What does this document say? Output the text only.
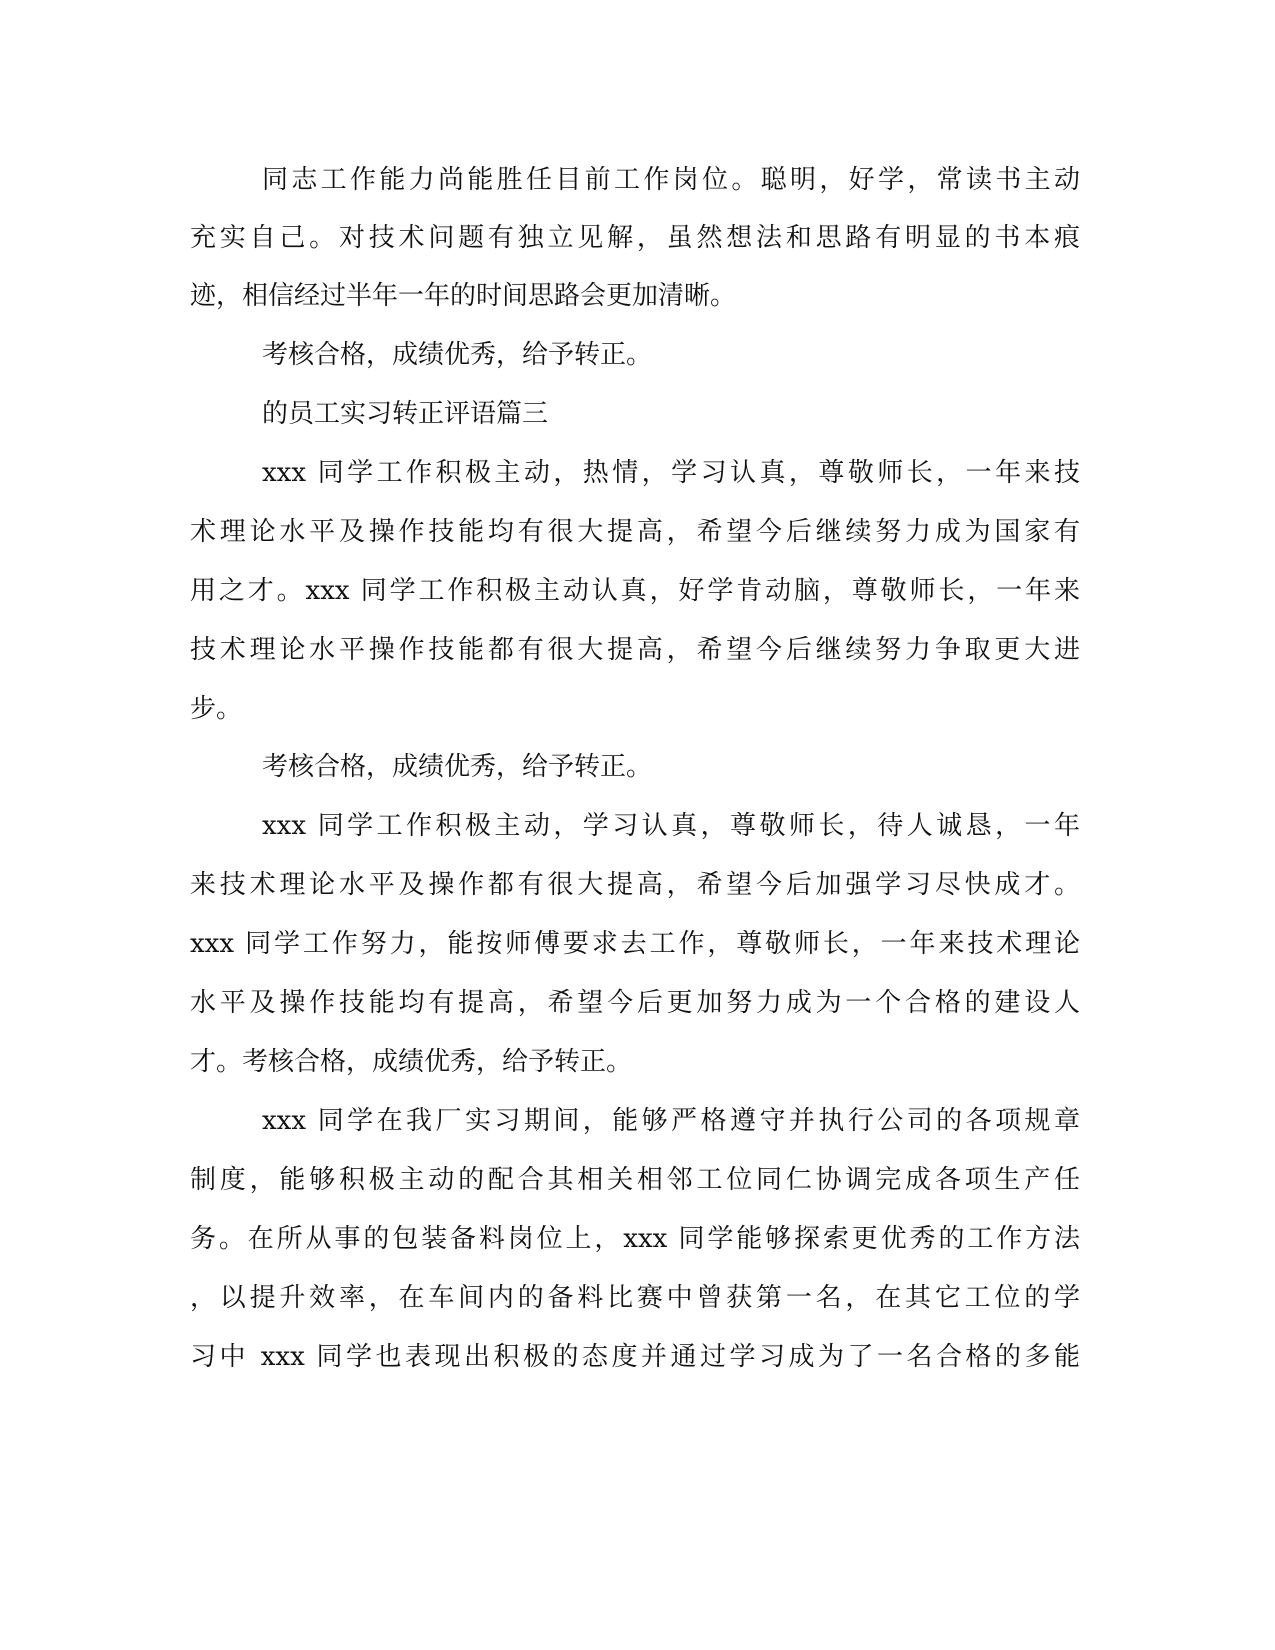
同志工作能力尚能胜任目前工作岗位。聪明，好学，常读书主动

充实自己。对技术问题有独立见解，虽然想法和思路有明显的书本痕

迹，相信经过半年一年的时间思路会更加清晰。

考核合格，成绩优秀，给予转正。

的员工实习转正评语篇三

xxx 同学工作积极主动，热情，学习认真，尊敬师长，一年来技

术理论水平及操作技能均有很大提高，希望今后继续努力成为国家有

用之才。xxx 同学工作积极主动认真，好学肯动脑，尊敬师长，一年来

技术理论水平操作技能都有很大提高，希望今后继续努力争取更大进

步。

考核合格，成绩优秀，给予转正。

xxx 同学工作积极主动，学习认真，尊敬师长，待人诚恳，一年

来技术理论水平及操作都有很大提高，希望今后加强学习尽快成才。

xxx 同学工作努力，能按师傅要求去工作，尊敬师长，一年来技术理论

水平及操作技能均有提高，希望今后更加努力成为一个合格的建设人

才。考核合格，成绩优秀，给予转正。

xxx 同学在我厂实习期间，能够严格遵守并执行公司的各项规章

制度，能够积极主动的配合其相关相邻工位同仁协调完成各项生产任

务。在所从事的包装备料岗位上，xxx 同学能够探索更优秀的工作方法

，以提升效率，在车间内的备料比赛中曾获第一名，在其它工位的学

习中 xxx 同学也表现出积极的态度并通过学习成为了一名合格的多能
